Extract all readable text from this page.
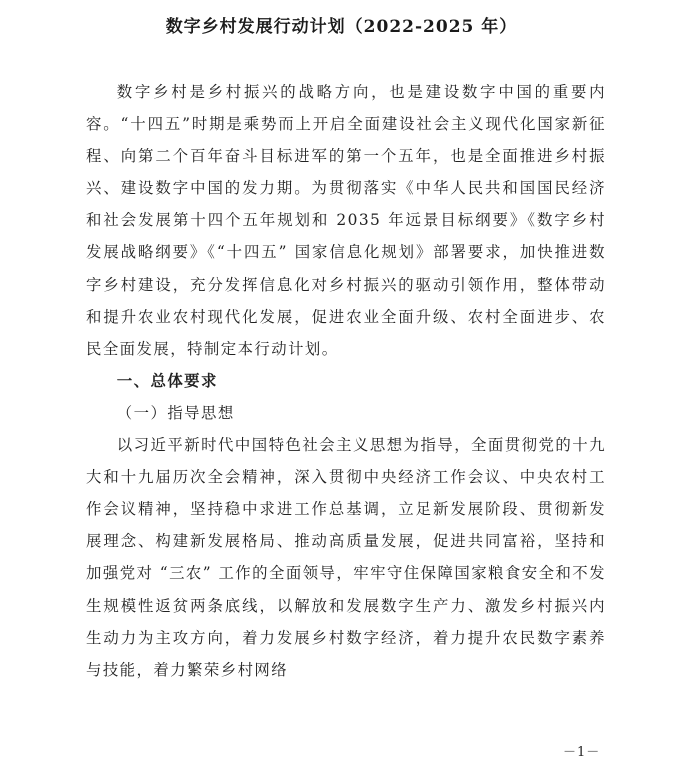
数字乡村发展行动计划（2022-2025 年）

数字乡村是乡村振兴的战略方向，也是建设数字中国的重要内容。“十四五”时期是乘势而上开启全面建设社会主义现代化国家新征程、向第二个百年奋斗目标进军的第一个五年，也是全面推进乡村振兴、建设数字中国的发力期。为贯彻落实《中华人民共和国国民经济和社会发展第十四个五年规划和 2035 年远景目标纲要》《数字乡村发展战略纲要》《“十四五” 国家信息化规划》部署要求，加快推进数字乡村建设，充分发挥信息化对乡村振兴的驱动引领作用，整体带动和提升农业农村现代化发展，促进农业全面升级、农村全面进步、农民全面发展，特制定本行动计划。

一、总体要求

（一）指导思想

以习近平新时代中国特色社会主义思想为指导，全面贯彻党的十九大和十九届历次全会精神，深入贯彻中央经济工作会议、中央农村工作会议精神，坚持稳中求进工作总基调，立足新发展阶段、贯彻新发展理念、构建新发展格局、推动高质量发展，促进共同富裕，坚持和加强党对 “三农” 工作的全面领导，牢牢守住保障国家粮食安全和不发生规模性返贫两条底线，以解放和发展数字生产力、激发乡村振兴内生动力为主攻方向，着力发展乡村数字经济，着力提升农民数字素养与技能，着力繁荣乡村网络

－1－
